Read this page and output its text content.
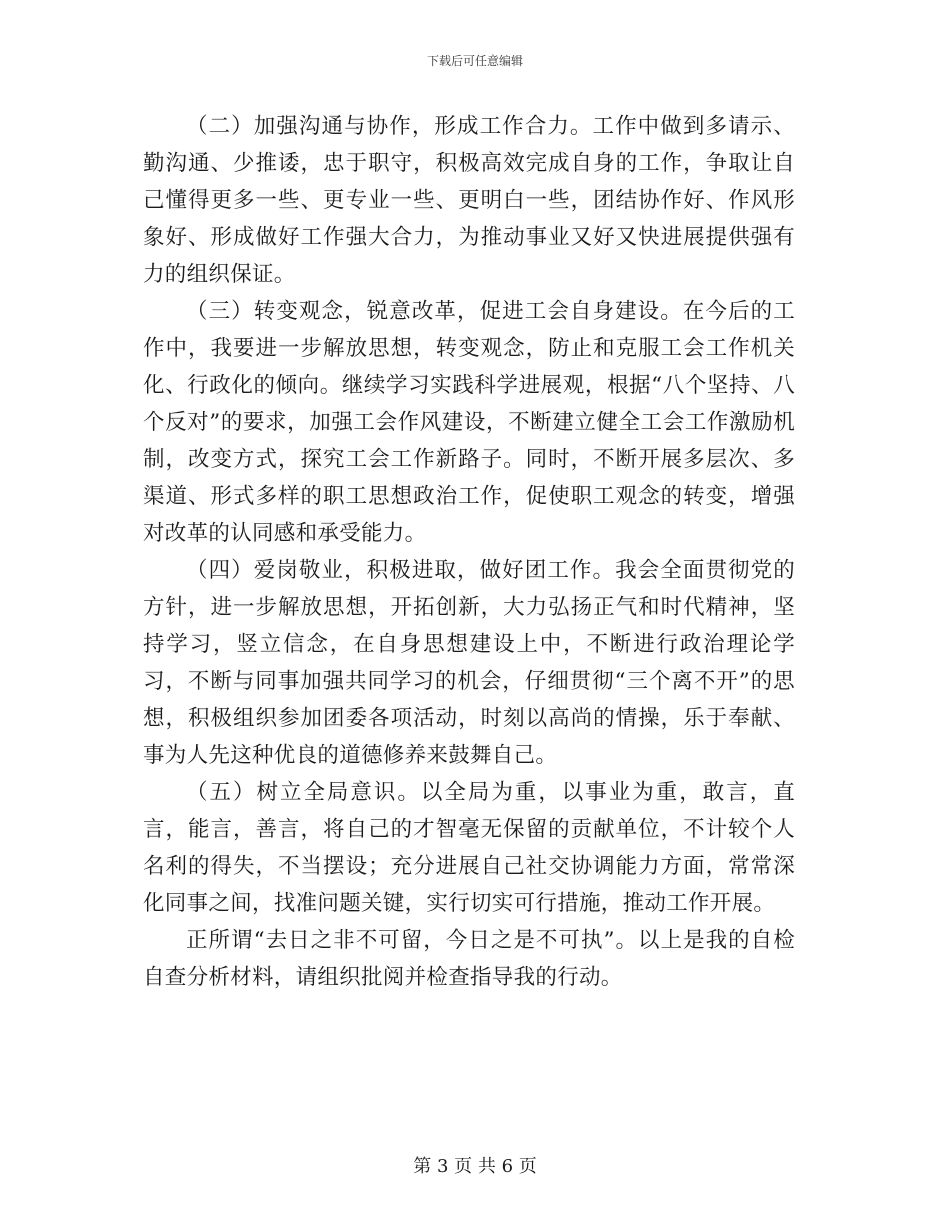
下载后可任意编辑

（二）加强沟通与协作，形成工作合力。工作中做到多请示、勤沟通、少推诿，忠于职守，积极高效完成自身的工作，争取让自己懂得更多一些、更专业一些、更明白一些，团结协作好、作风形象好、形成做好工作强大合力，为推动事业又好又快进展提供强有力的组织保证。

（三）转变观念，锐意改革，促进工会自身建设。在今后的工作中，我要进一步解放思想，转变观念，防止和克服工会工作机关化、行政化的倾向。继续学习实践科学进展观，根据“八个坚持、八个反对”的要求，加强工会作风建设，不断建立健全工会工作激励机制，改变方式，探究工会工作新路子。同时，不断开展多层次、多渠道、形式多样的职工思想政治工作，促使职工观念的转变，增强对改革的认同感和承受能力。

（四）爱岗敬业，积极进取，做好团工作。我会全面贯彻党的方针，进一步解放思想，开拓创新，大力弘扬正气和时代精神，坚持学习，竖立信念，在自身思想建设上中，不断进行政治理论学习，不断与同事加强共同学习的机会，仔细贯彻“三个离不开”的思想，积极组织参加团委各项活动，时刻以高尚的情操，乐于奉献、事为人先这种优良的道德修养来鼓舞自己。

（五）树立全局意识。以全局为重，以事业为重，敢言，直言，能言，善言，将自己的才智毫无保留的贡献单位，不计较个人名利的得失，不当摆设；充分进展自己社交协调能力方面，常常深化同事之间，找准问题关键，实行切实可行措施，推动工作开展。

正所谓“去日之非不可留，今日之是不可执”。以上是我的自检自查分析材料，请组织批阅并检查指导我的行动。

第 3 页 共 6 页
